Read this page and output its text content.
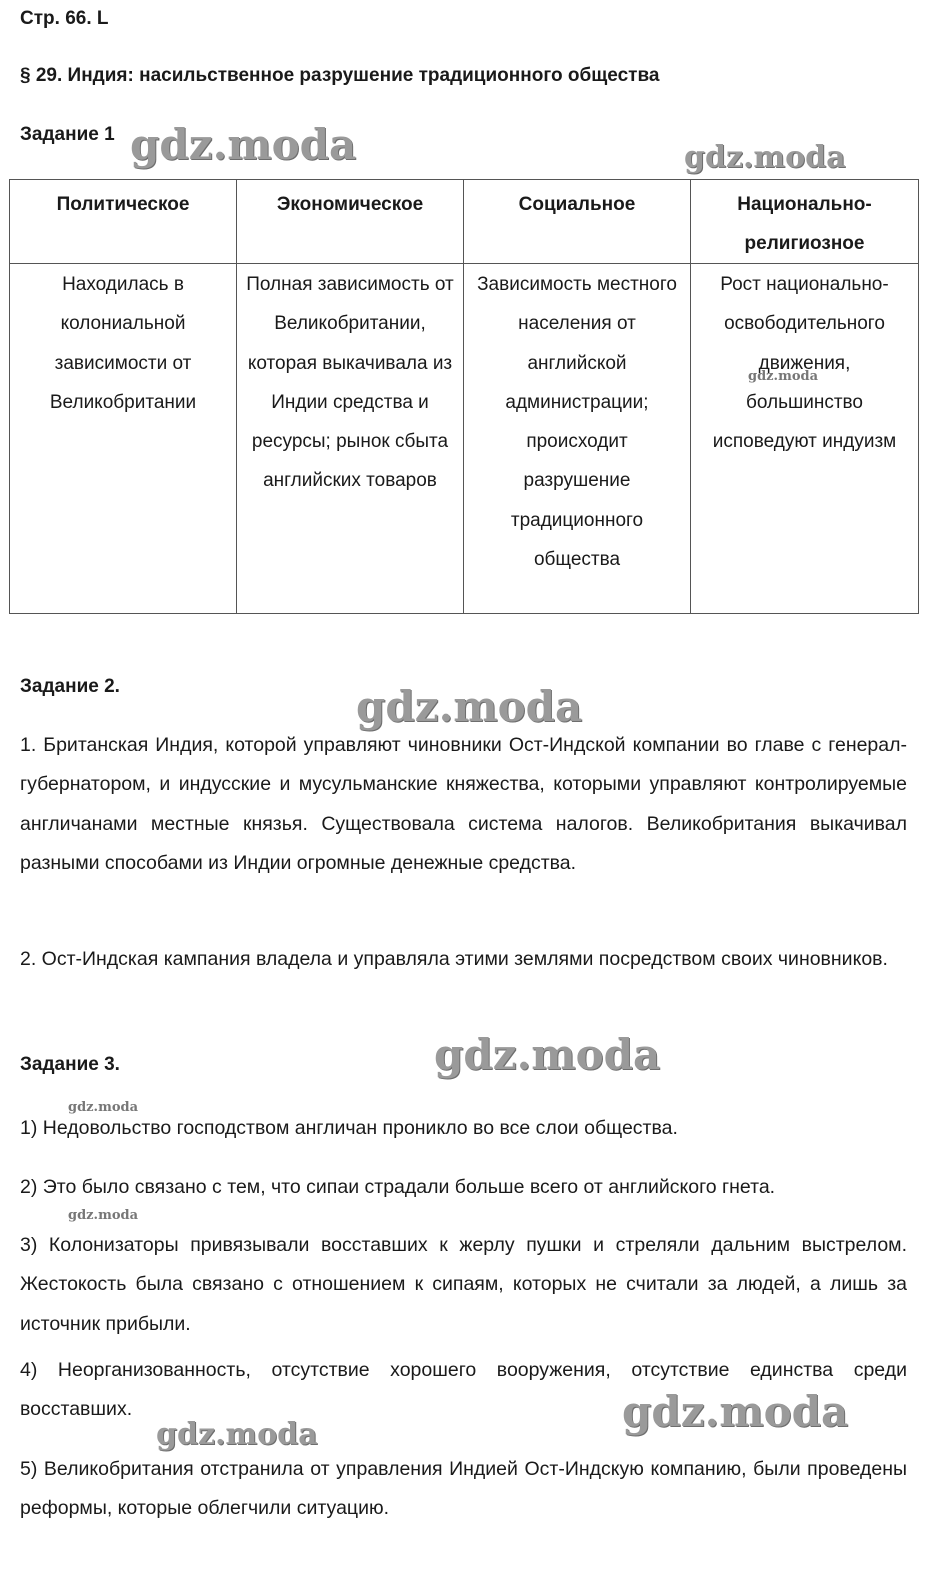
Стр. 66. L
§ 29. Индия: насильственное разрушение традиционного общества
Задание 1
Политическое	Экономическое	Социальное	Национально-религиозное
Находилась в колониальной зависимости от Великобритании	Полная зависимость от Великобритании, которая выкачивала из Индии средства и ресурсы; рынок сбыта английских товаров	Зависимость местного населения от английской администрации; происходит разрушение традиционного общества	Рост национально-освободительного движения, большинство исповедуют индуизм
Задание 2.

1. Британская Индия, которой управляют чиновники Ост-Индской компании во главе с генерал-губернатором, и индусские и мусульманские княжества, которыми управляют контролируемые англичанами местные князья. Существовала система налогов. Великобритания выкачивал разными способами из Индии огромные денежные средства.

2. Ост-Индская кампания владела и управляла этими землями посредством своих чиновников.

Задание 3.

1) Недовольство господством англичан проникло во все слои общества.

2) Это было связано с тем, что сипаи страдали больше всего от английского гнета.

3) Колонизаторы привязывали восставших к жерлу пушки и стреляли дальним выстрелом. Жестокость была связано с отношением к сипаям, которых не считали за людей, а лишь за источник прибыли.

4) Неорганизованность, отсутствие хорошего вооружения, отсутствие единства среди восставших.

5) Великобритания отстранила от управления Индией Ост-Индскую компанию, были проведены реформы, которые облегчили ситуацию.

gdz.moda	gdz.moda
gdz.moda
gdz.moda
gdz.moda
gdz.moda
gdz.moda
gdz.moda
gdz.moda
